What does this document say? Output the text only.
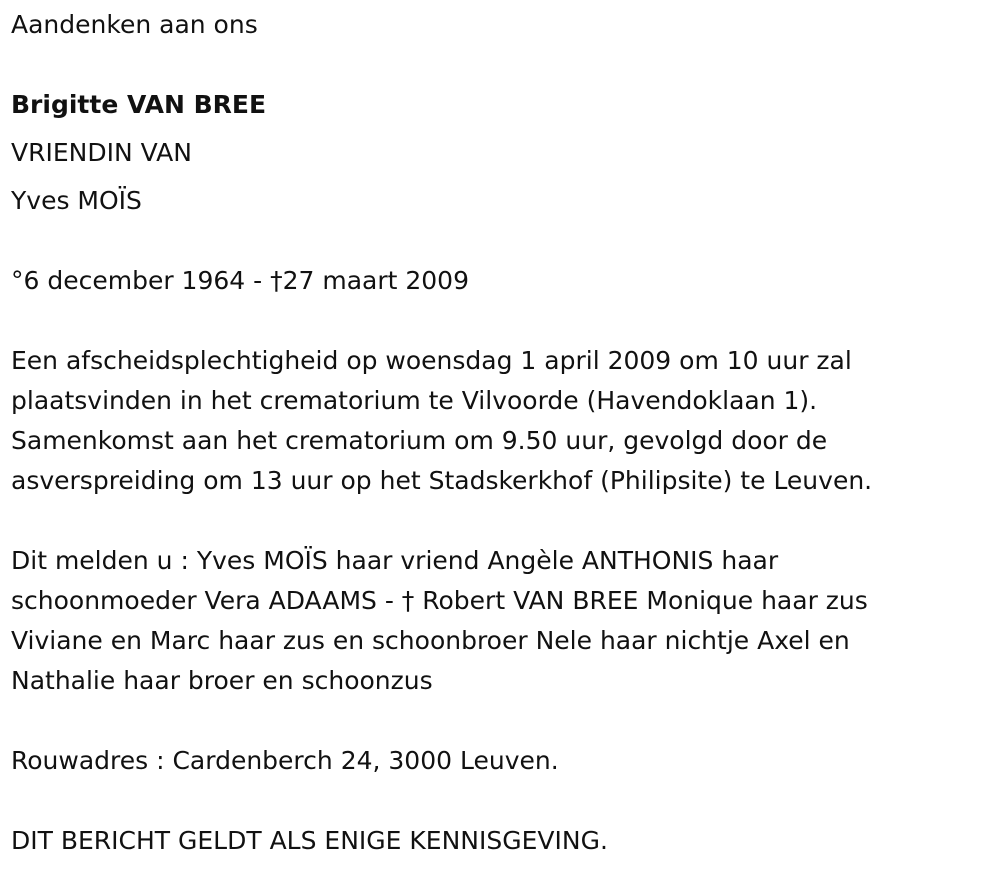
Aandenken aan ons
Brigitte VAN BREE
VRIENDIN VAN
Yves MOÏS
°6 december 1964 - †27 maart 2009
Een afscheidsplechtigheid op woensdag 1 april 2009 om 10 uur zal
plaatsvinden in het crematorium te Vilvoorde (Havendoklaan 1).
Samenkomst aan het crematorium om 9.50 uur, gevolgd door de
asverspreiding om 13 uur op het Stadskerkhof (Philipsite) te Leuven.
Dit melden u : Yves MOÏS haar vriend Angèle ANTHONIS haar
schoonmoeder Vera ADAAMS - † Robert VAN BREE Monique haar zus
Viviane en Marc haar zus en schoonbroer Nele haar nichtje Axel en
Nathalie haar broer en schoonzus
Rouwadres : Cardenberch 24, 3000 Leuven.
DIT BERICHT GELDT ALS ENIGE KENNISGEVING.
